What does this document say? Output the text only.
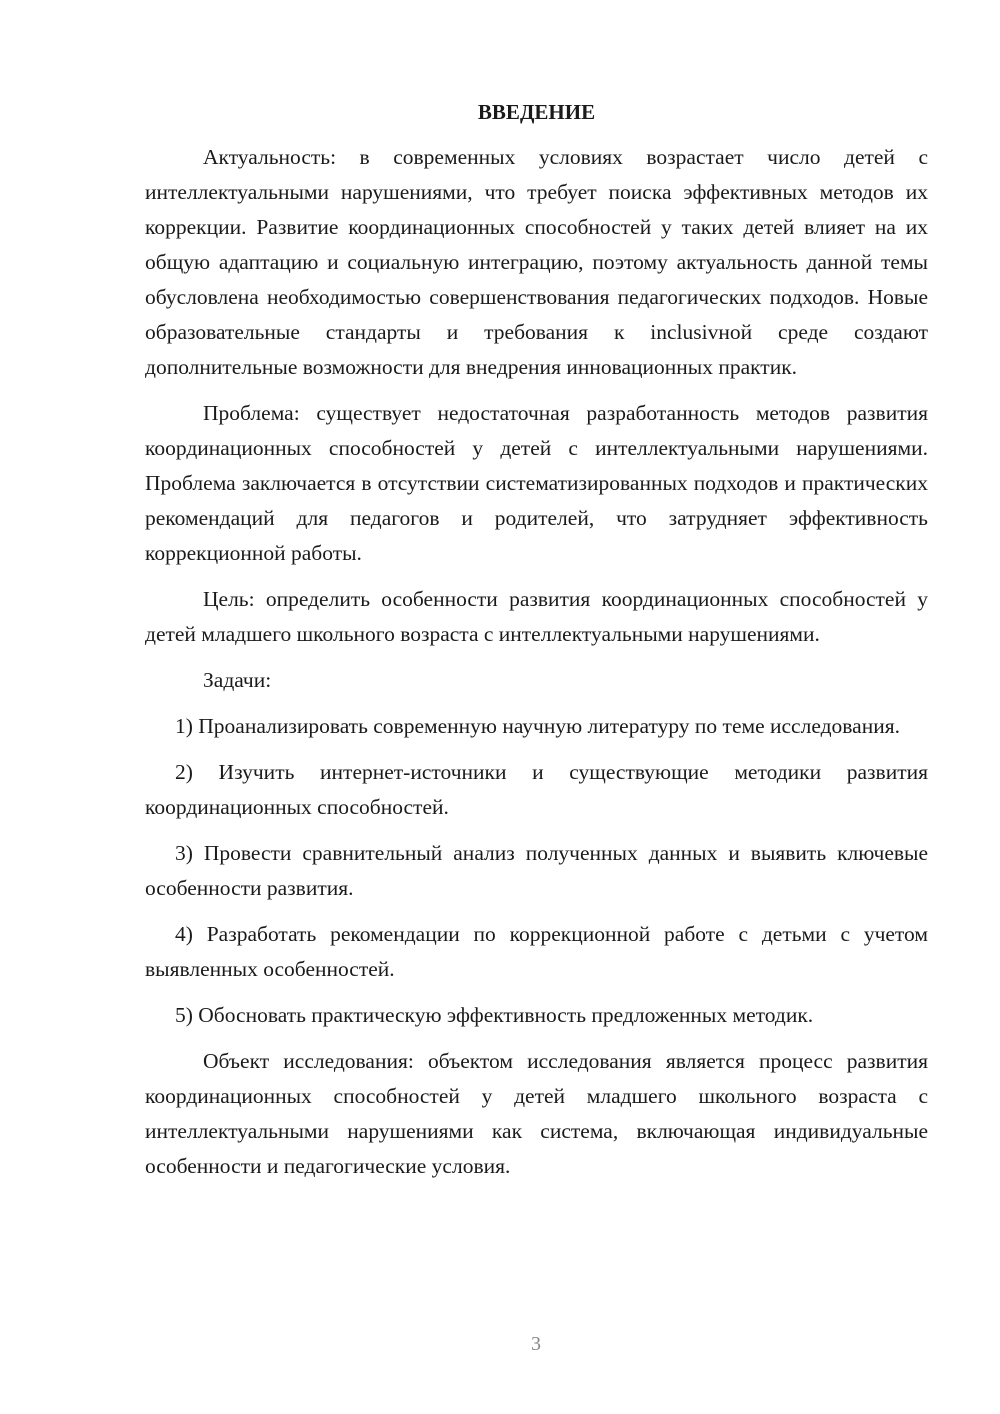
ВВЕДЕНИЕ

Актуальность: в современных условиях возрастает число детей с интеллектуальными нарушениями, что требует поиска эффективных методов их коррекции. Развитие координационных способностей у таких детей влияет на их общую адаптацию и социальную интеграцию, поэтому актуальность данной темы обусловлена необходимостью совершенствования педагогических подходов. Новые образовательные стандарты и требования к inclusivной среде создают дополнительные возможности для внедрения инновационных практик.

Проблема: существует недостаточная разработанность методов развития координационных способностей у детей с интеллектуальными нарушениями. Проблема заключается в отсутствии систематизированных подходов и практических рекомендаций для педагогов и родителей, что затрудняет эффективность коррекционной работы.

Цель: определить особенности развития координационных способностей у детей младшего школьного возраста с интеллектуальными нарушениями.

Задачи:

1) Проанализировать современную научную литературу по теме исследования.

2) Изучить интернет-источники и существующие методики развития координационных способностей.

3) Провести сравнительный анализ полученных данных и выявить ключевые особенности развития.

4) Разработать рекомендации по коррекционной работе с детьми с учетом выявленных особенностей.

5) Обосновать практическую эффективность предложенных методик.

Объект исследования: объектом исследования является процесс развития координационных способностей у детей младшего школьного возраста с интеллектуальными нарушениями как система, включающая индивидуальные особенности и педагогические условия.

3
